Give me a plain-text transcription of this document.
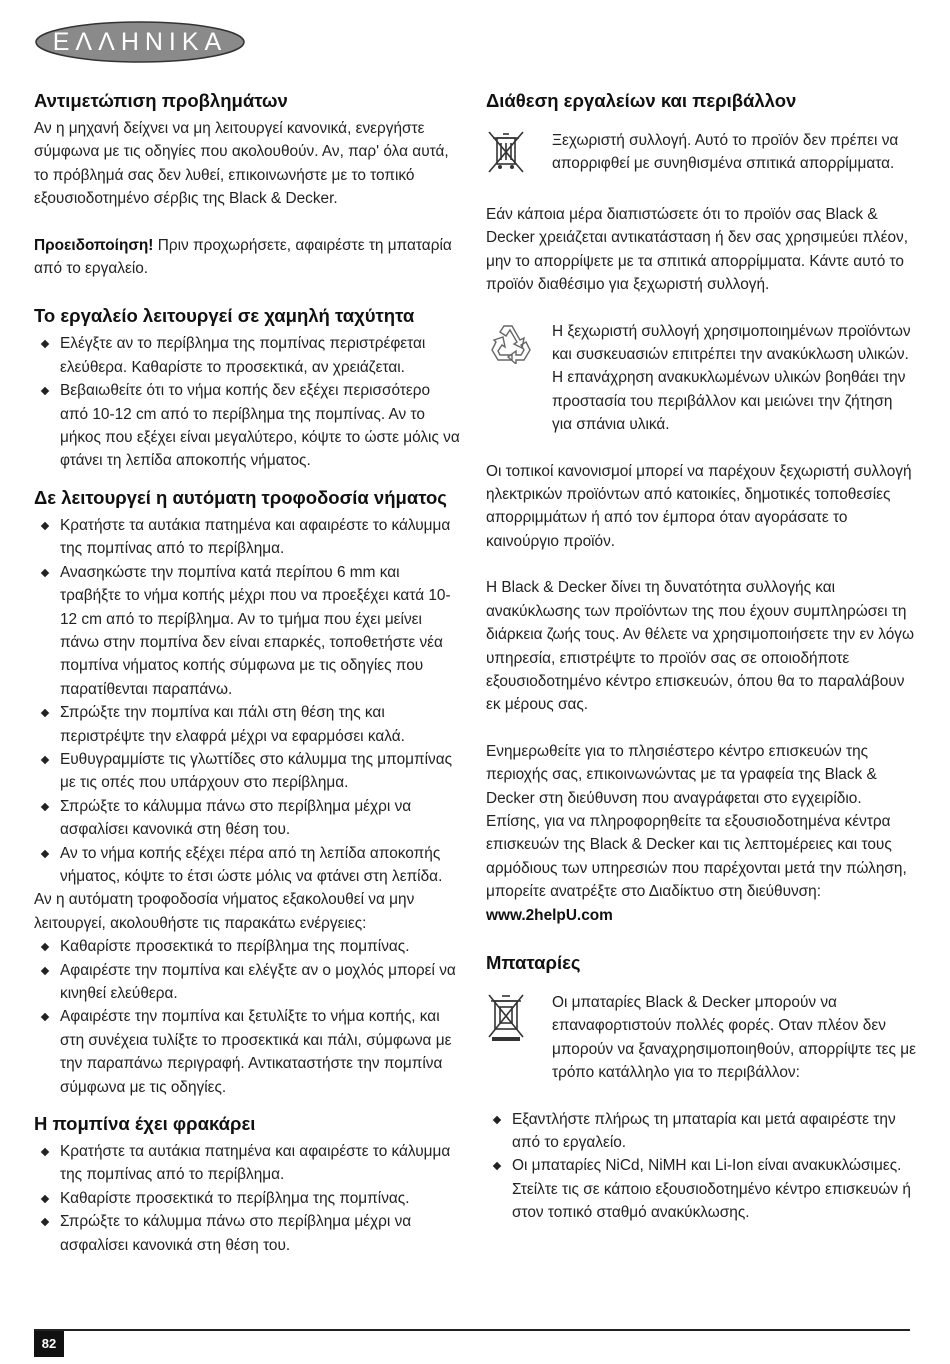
ΕΛΛΗΝΙΚΑ
Αντιμετώπιση προβλημάτων

Αν η μηχανή δείχνει να μη λειτουργεί κανονικά, ενεργήστε σύμφωνα με τις οδηγίες που ακολουθούν. Αν, παρ' όλα αυτά, το πρόβλημά σας δεν λυθεί, επικοινωνήστε με το τοπικό εξουσιοδοτημένο σέρβις της Black & Decker.

Προειδοποίηση! Πριν προχωρήσετε, αφαιρέστε τη μπαταρία από το εργαλείο.

Το εργαλείο λειτουργεί σε χαμηλή ταχύτητα
Ελέγξτε αν το περίβλημα της πομπίνας περιστρέφεται ελεύθερα. Καθαρίστε το προσεκτικά, αν χρειάζεται.
Βεβαιωθείτε ότι το νήμα κοπής δεν εξέχει περισσότερο από 10-12 cm από το περίβλημα της πομπίνας. Αν το μήκος που εξέχει είναι μεγαλύτερο, κόψτε το ώστε μόλις να φτάνει τη λεπίδα αποκοπής νήματος.
Δε λειτουργεί η αυτόματη τροφοδοσία νήματος
Κρατήστε τα αυτάκια πατημένα και αφαιρέστε το κάλυμμα της πομπίνας από το περίβλημα.
Ανασηκώστε την πομπίνα κατά περίπου 6 mm και τραβήξτε το νήμα κοπής μέχρι που να προεξέχει κατά 10-12 cm από το περίβλημα. Αν το τμήμα που έχει μείνει πάνω στην πομπίνα δεν είναι επαρκές, τοποθετήστε νέα πομπίνα νήματος κοπής σύμφωνα με τις οδηγίες που παρατίθενται παραπάνω.
Σπρώξτε την πομπίνα και πάλι στη θέση της και περιστρέψτε την ελαφρά μέχρι να εφαρμόσει καλά.
Ευθυγραμμίστε τις γλωττίδες στο κάλυμμα της μπομπίνας με τις οπές που υπάρχουν στο περίβλημα.
Σπρώξτε το κάλυμμα πάνω στο περίβλημα μέχρι να ασφαλίσει κανονικά στη θέση του.
Αν το νήμα κοπής εξέχει πέρα από τη λεπίδα αποκοπής νήματος, κόψτε το έτσι ώστε μόλις να φτάνει στη λεπίδα.

Αν η αυτόματη τροφοδοσία νήματος εξακολουθεί να μην λειτουργεί, ακολουθήστε τις παρακάτω ενέργειες:

Καθαρίστε προσεκτικά το περίβλημα της πομπίνας.
Αφαιρέστε την πομπίνα και ελέγξτε αν ο μοχλός μπορεί να κινηθεί ελεύθερα.
Αφαιρέστε την πομπίνα και ξετυλίξτε το νήμα κοπής, και στη συνέχεια τυλίξτε το προσεκτικά και πάλι, σύμφωνα με την παραπάνω περιγραφή. Αντικαταστήστε την πομπίνα σύμφωνα με τις οδηγίες.
Η πομπίνα έχει φρακάρει
Κρατήστε τα αυτάκια πατημένα και αφαιρέστε το κάλυμμα της πομπίνας από το περίβλημα.
Καθαρίστε προσεκτικά το περίβλημα της πομπίνας.
Σπρώξτε το κάλυμμα πάνω στο περίβλημα μέχρι να ασφαλίσει κανονικά στη θέση του.
Διάθεση εργαλείων και περιβάλλον

Ξεχωριστή συλλογή. Αυτό το προϊόν δεν πρέπει να απορριφθεί με συνηθισμένα σπιτικά απορρίμματα.

Εάν κάποια μέρα διαπιστώσετε ότι το προϊόν σας Black & Decker χρειάζεται αντικατάσταση ή δεν σας χρησιμεύει πλέον, μην το απορρίψετε με τα σπιτικά απορρίμματα. Κάντε αυτό το προϊόν διαθέσιμο για ξεχωριστή συλλογή.

Η ξεχωριστή συλλογή χρησιμοποιημένων προϊόντων και συσκευασιών επιτρέπει την ανακύκλωση υλικών. Η επανάχρηση ανακυκλωμένων υλικών βοηθάει την προστασία του περιβάλλον και μειώνει την ζήτηση για σπάνια υλικά.

Οι τοπικοί κανονισμοί μπορεί να παρέχουν ξεχωριστή συλλογή ηλεκτρικών προϊόντων από κατοικίες, δημοτικές τοποθεσίες απορριμμάτων ή από τον έμπορα όταν αγοράσατε το καινούργιο προϊόν.

Η Black & Decker δίνει τη δυνατότητα συλλογής και ανακύκλωσης των προϊόντων της που έχουν συμπληρώσει τη διάρκεια ζωής τους. Αν θέλετε να χρησιμοποιήσετε την εν λόγω υπηρεσία, επιστρέψτε το προϊόν σας σε οποιοδήποτε εξουσιοδοτημένο κέντρο επισκευών, όπου θα το παραλάβουν εκ μέρους σας.

Ενημερωθείτε για το πλησιέστερο κέντρο επισκευών της περιοχής σας, επικοινωνώντας με τα γραφεία της Black & Decker στη διεύθυνση που αναγράφεται στο εγχειρίδιο. Επίσης, για να πληροφορηθείτε τα εξουσιοδοτημένα κέντρα επισκευών της Black & Decker και τις λεπτομέρειες και τους αρμόδιους των υπηρεσιών που παρέχονται μετά την πώληση, μπορείτε ανατρέξτε στο Διαδίκτυο στη διεύθυνση: www.2helpU.com

Μπαταρίες

Οι μπαταρίες Black & Decker μπορούν να επαναφορτιστούν πολλές φορές. Οταν πλέον δεν μπορούν να ξαναχρησιμοποιηθούν, απορρίψτε τες με τρόπο κατάλληλο για το περιβάλλον:

Εξαντλήστε πλήρως τη μπαταρία και μετά αφαιρέστε την από το εργαλείο.
Οι μπαταρίες NiCd, NiMH και Li-Ion είναι ανακυκλώσιμες. Στείλτε τις σε κάποιο εξουσιοδοτημένο κέντρο επισκευών ή στον τοπικό σταθμό ανακύκλωσης.
82
